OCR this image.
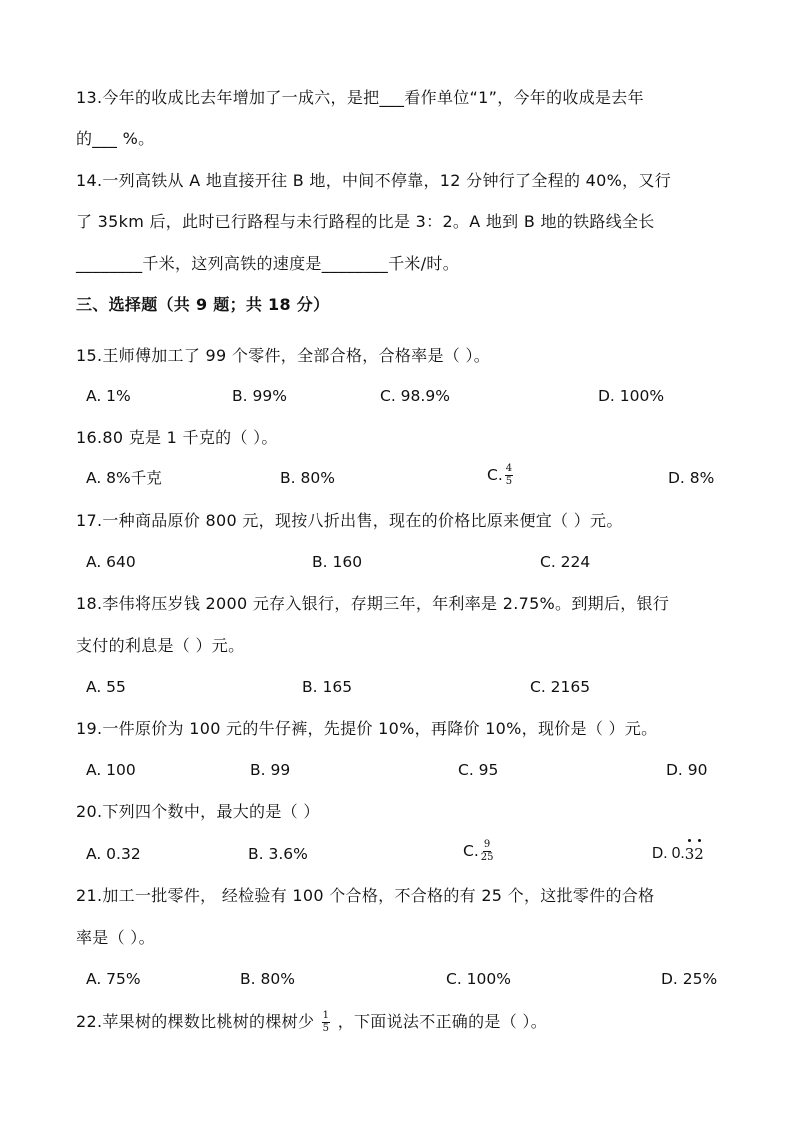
13.今年的收成比去年增加了一成六，是把___看作单位“1”，今年的收成是去年
的___ %。
14.一列高铁从 A 地直接开往 B 地，中间不停靠，12 分钟行了全程的 40%，又行
了 35km 后，此时已行路程与未行路程的比是 3：2。A 地到 B 地的铁路线全长
________千米，这列高铁的速度是________千米/时。
三、选择题（共 9 题；共 18 分）
15.王师傅加工了 99 个零件，全部合格，合格率是（ ）。
A. 1%	B. 99%	C. 98.9%	D. 100%
16.80 克是 1 千克的（ ）。
A. 8%千克	B. 80%	C. $\frac{4}{5}$	D. 8%
17.一种商品原价 800 元，现按八折出售，现在的价格比原来便宜（ ）元。
A. 640	B. 160	C. 224
18.李伟将压岁钱 2000 元存入银行，存期三年，年利率是 2.75%。到期后，银行
支付的利息是（ ）元。
A. 55	B. 165	C. 2165
19.一件原价为 100 元的牛仔裤，先提价 10%，再降价 10%，现价是（ ）元。
A. 100	B. 99	C. 95	D. 90
20.下列四个数中，最大的是（ ）
A. 0.32	B. 3.6%	C. $\frac{9}{25}$	D. 0. 3 2
21.加工一批零件， 经检验有 100 个合格，不合格的有 25 个，这批零件的合格
率是（ ）。
A. 75%	B. 80%	C. 100%	D. 25%
22.苹果树的棵数比桃树的棵树少 $\frac{1}{5}$ ，下面说法不正确的是（ ）。
